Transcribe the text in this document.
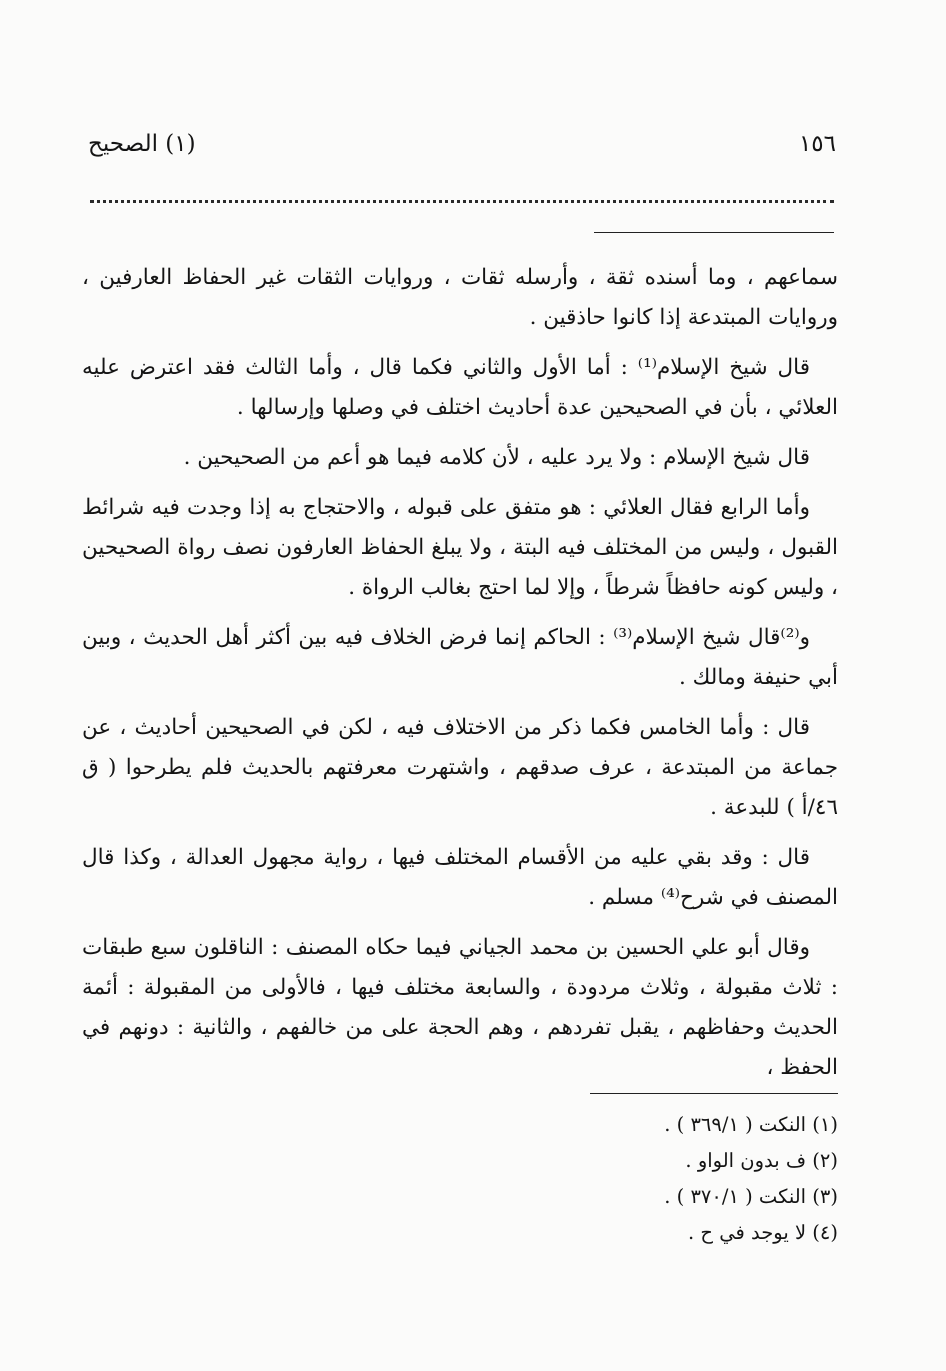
(١) الصحيح	١٥٦

سماعهم ، وما أسنده ثقة ، وأرسله ثقات ، وروايات الثقات غير الحفاظ العارفين ، وروايات المبتدعة إذا كانوا حاذقين .

قال شيخ الإسلام⁽¹⁾ : أما الأول والثاني فكما قال ، وأما الثالث فقد اعترض عليه العلائي ، بأن في الصحيحين عدة أحاديث اختلف في وصلها وإرسالها .

قال شيخ الإسلام : ولا يرد عليه ، لأن كلامه فيما هو أعم من الصحيحين .

وأما الرابع فقال العلائي : هو متفق على قبوله ، والاحتجاج به إذا وجدت فيه شرائط القبول ، وليس من المختلف فيه البتة ، ولا يبلغ الحفاظ العارفون نصف رواة الصحيحين ، وليس كونه حافظاً شرطاً ، وإلا لما احتج بغالب الرواة .

و⁽²⁾قال شيخ الإسلام⁽³⁾ : الحاكم إنما فرض الخلاف فيه بين أكثر أهل الحديث ، وبين أبي حنيفة ومالك .

قال : وأما الخامس فكما ذكر من الاختلاف فيه ، لكن في الصحيحين أحاديث ، عن جماعة من المبتدعة ، عرف صدقهم ، واشتهرت معرفتهم بالحديث فلم يطرحوا ( ق ٤٦/أ ) للبدعة .

قال : وقد بقي عليه من الأقسام المختلف فيها ، رواية مجهول العدالة ، وكذا قال المصنف في شرح⁽⁴⁾ مسلم .

وقال أبو علي الحسين بن محمد الجياني فيما حكاه المصنف : الناقلون سبع طبقات : ثلاث مقبولة ، وثلاث مردودة ، والسابعة مختلف فيها ، فالأولى من المقبولة : أئمة الحديث وحفاظهم ، يقبل تفردهم ، وهم الحجة على من خالفهم ، والثانية : دونهم في الحفظ ،

(١) النكت ( ٣٦٩/١ ) .
(٢) ف بدون الواو .
(٣) النكت ( ٣٧٠/١ ) .
(٤) لا يوجد في ح .
